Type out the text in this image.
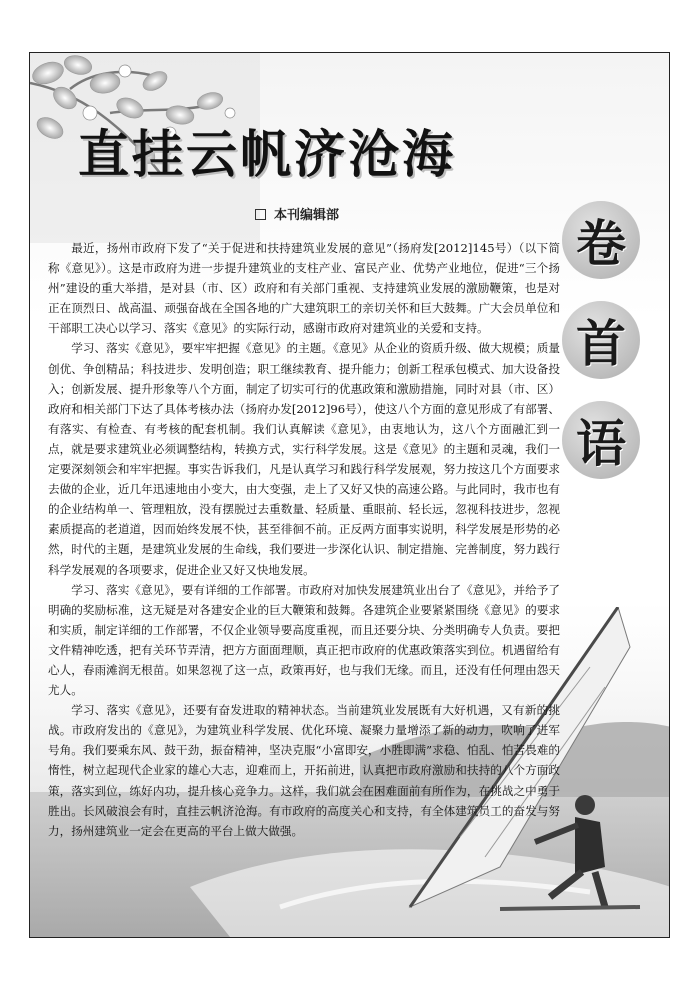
直挂云帆济沧海
本刊编辑部	卷
首
语

最近，扬州市政府下发了“关于促进和扶持建筑业发展的意见”（扬府发[2012]145号）（以下简称《意见》）。这是市政府为进一步提升建筑业的支柱产业、富民产业、优势产业地位，促进“三个扬州”建设的重大举措，是对县（市、区）政府和有关部门重视、支持建筑业发展的激励鞭策，也是对正在顶烈日、战高温、顽强奋战在全国各地的广大建筑职工的亲切关怀和巨大鼓舞。广大会员单位和干部职工决心以学习、落实《意见》的实际行动，感谢市政府对建筑业的关爱和支持。

学习、落实《意见》，要牢牢把握《意见》的主题。《意见》从企业的资质升级、做大规模；质量创优、争创精品；科技进步、发明创造；职工继续教育、提升能力；创新工程承包模式、加大设备投入；创新发展、提升形象等八个方面，制定了切实可行的优惠政策和激励措施，同时对县（市、区）政府和相关部门下达了具体考核办法（扬府办发[2012]96号），使这八个方面的意见形成了有部署、有落实、有检查、有考核的配套机制。我们认真解读《意见》，由衷地认为，这八个方面融汇到一点，就是要求建筑业必须调整结构，转换方式，实行科学发展。这是《意见》的主题和灵魂，我们一定要深刻领会和牢牢把握。事实告诉我们，凡是认真学习和践行科学发展观，努力按这几个方面要求去做的企业，近几年迅速地由小变大，由大变强，走上了又好又快的高速公路。与此同时，我市也有的企业结构单一、管理粗放，没有摆脱过去重数量、轻质量、重眼前、轻长远，忽视科技进步，忽视素质提高的老道道，因而始终发展不快，甚至徘徊不前。正反两方面事实说明，科学发展是形势的必然，时代的主题，是建筑业发展的生命线，我们要进一步深化认识、制定措施、完善制度，努力践行科学发展观的各项要求，促进企业又好又快地发展。

学习、落实《意见》，要有详细的工作部署。市政府对加快发展建筑业出台了《意见》，并给予了明确的奖励标准，这无疑是对各建安企业的巨大鞭策和鼓舞。各建筑企业要紧紧围绕《意见》的要求和实质，制定详细的工作部署，不仅企业领导要高度重视，而且还要分块、分类明确专人负责。要把文件精神吃透，把有关环节弄清，把方方面面理顺，真正把市政府的优惠政策落实到位。机遇留给有心人，春雨滩润无根苗。如果忽视了这一点，政策再好，也与我们无缘。而且，还没有任何理由怨天尤人。

学习、落实《意见》，还要有奋发进取的精神状态。当前建筑业发展既有大好机遇，又有新的挑战。市政府发出的《意见》，为建筑业科学发展、优化环境、凝聚力量增添了新的动力，吹响了进军号角。我们要乘东风、鼓干劲，振奋精神，坚决克服“小富即安，小胜即满”求稳、怕乱、怕苦畏难的惰性，树立起现代企业家的雄心大志，迎难而上，开拓前进，认真把市政府激励和扶持的八个方面政策，落实到位，练好内功，提升核心竞争力。这样，我们就会在困难面前有所作为，在挑战之中勇于胜出。长风破浪会有时，直挂云帆济沧海。有市政府的高度关心和支持，有全体建筑员工的奋发与努力，扬州建筑业一定会在更高的平台上做大做强。
